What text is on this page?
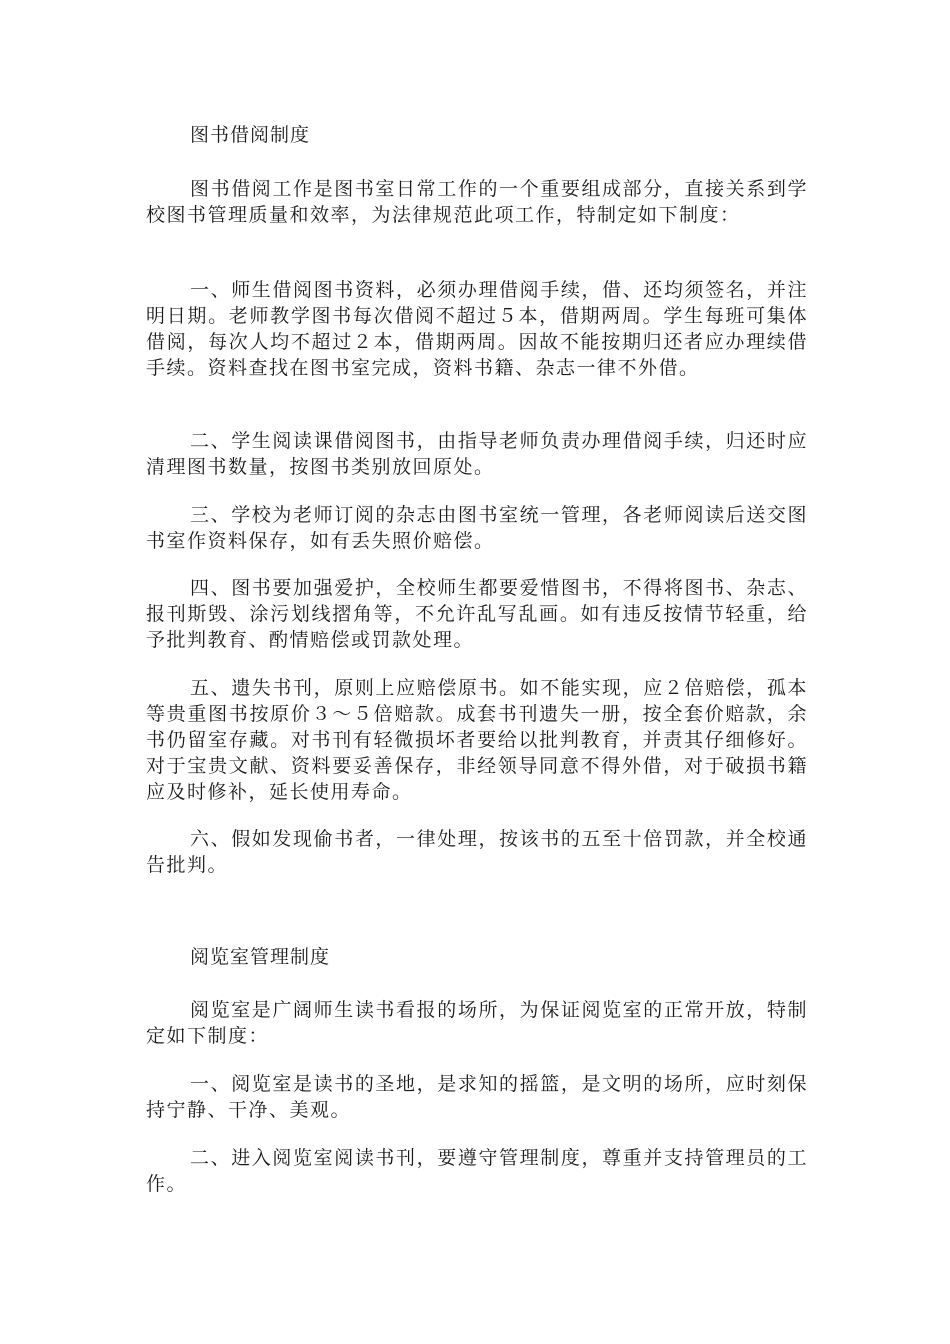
图书借阅制度

图书借阅工作是图书室日常工作的一个重要组成部分，直接关系到学校图书管理质量和效率，为法律规范此项工作，特制定如下制度：

一、师生借阅图书资料，必须办理借阅手续，借、还均须签名，并注明日期。老师教学图书每次借阅不超过５本，借期两周。学生每班可集体借阅，每次人均不超过２本，借期两周。因故不能按期归还者应办理续借手续。资料查找在图书室完成，资料书籍、杂志一律不外借。

二、学生阅读课借阅图书，由指导老师负责办理借阅手续，归还时应清理图书数量，按图书类别放回原处。

三、学校为老师订阅的杂志由图书室统一管理，各老师阅读后送交图书室作资料保存，如有丢失照价赔偿。

四、图书要加强爱护，全校师生都要爱惜图书，不得将图书、杂志、报刊斯毁、涂污划线摺角等，不允许乱写乱画。如有违反按情节轻重，给予批判教育、酌情赔偿或罚款处理。

五、遗失书刊，原则上应赔偿原书。如不能实现，应２倍赔偿，孤本等贵重图书按原价３～５倍赔款。成套书刊遗失一册，按全套价赔款，余书仍留室存藏。对书刊有轻微损坏者要给以批判教育，并责其仔细修好。对于宝贵文献、资料要妥善保存，非经领导同意不得外借，对于破损书籍应及时修补，延长使用寿命。

六、假如发现偷书者，一律处理，按该书的五至十倍罚款，并全校通告批判。

阅览室管理制度

阅览室是广阔师生读书看报的场所，为保证阅览室的正常开放，特制定如下制度：

一、阅览室是读书的圣地，是求知的摇篮，是文明的场所，应时刻保持宁静、干净、美观。

二、进入阅览室阅读书刊，要遵守管理制度，尊重并支持管理员的工作。
